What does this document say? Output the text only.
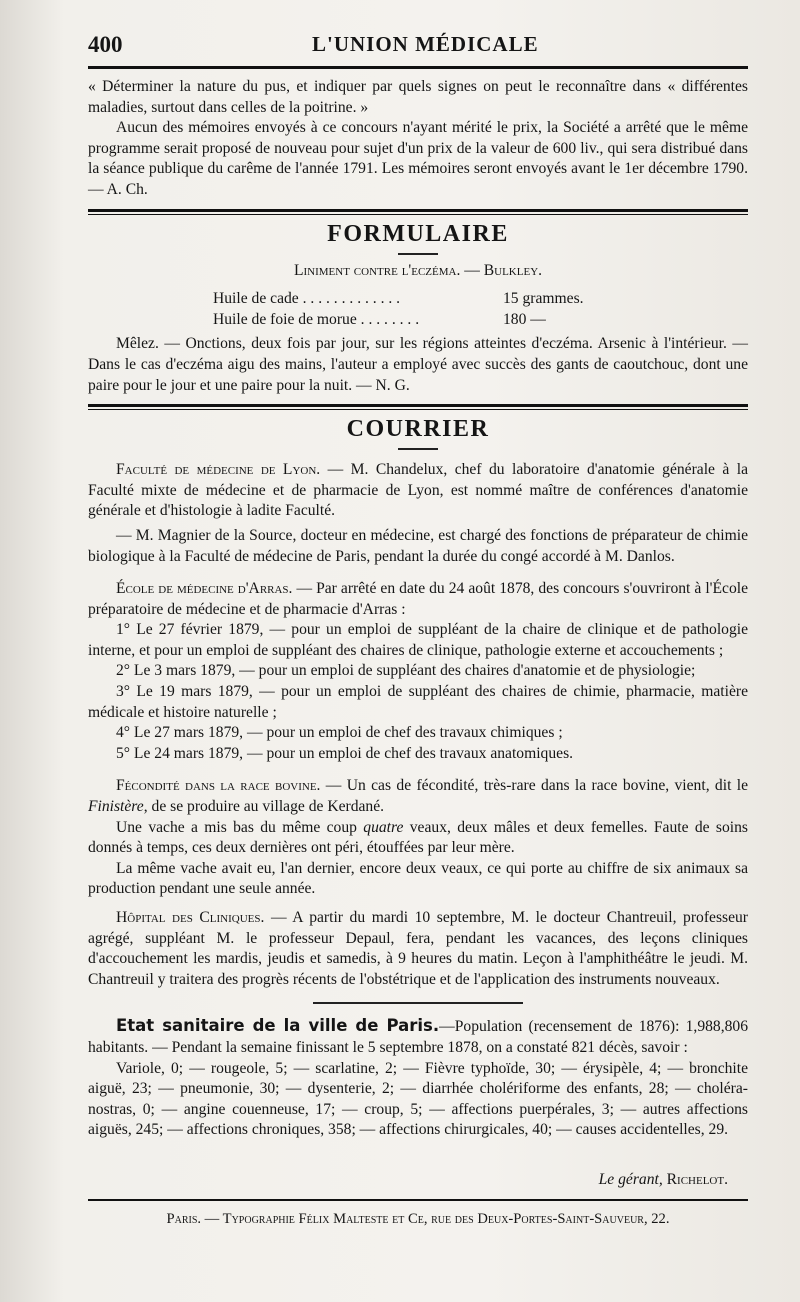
400	L'UNION MÉDICALE

« Déterminer la nature du pus, et indiquer par quels signes on peut le reconnaître dans « différentes maladies, surtout dans celles de la poitrine. »

Aucun des mémoires envoyés à ce concours n'ayant mérité le prix, la Société a arrêté que le même programme serait proposé de nouveau pour sujet d'un prix de la valeur de 600 liv., qui sera distribué dans la séance publique du carême de l'année 1791. Les mémoires seront envoyés avant le 1er décembre 1790. — A. Ch.

FORMULAIRE

Liniment contre l'eczéma. — Bulkley.

Huile de cade . . . . . . . . . . . . .	15 grammes.
Huile de foie de morue . . . . . . . .	180 —

Mêlez. — Onctions, deux fois par jour, sur les régions atteintes d'eczéma. Arsenic à l'intérieur. — Dans le cas d'eczéma aigu des mains, l'auteur a employé avec succès des gants de caoutchouc, dont une paire pour le jour et une paire pour la nuit. — N. G.

COURRIER

Faculté de médecine de Lyon. — M. Chandelux, chef du laboratoire d'anatomie générale à la Faculté mixte de médecine et de pharmacie de Lyon, est nommé maître de conférences d'anatomie générale et d'histologie à ladite Faculté.

— M. Magnier de la Source, docteur en médecine, est chargé des fonctions de préparateur de chimie biologique à la Faculté de médecine de Paris, pendant la durée du congé accordé à M. Danlos.

École de médecine d'Arras. — Par arrêté en date du 24 août 1878, des concours s'ouvriront à l'École préparatoire de médecine et de pharmacie d'Arras :

1° Le 27 février 1879, — pour un emploi de suppléant de la chaire de clinique et de pathologie interne, et pour un emploi de suppléant des chaires de clinique, pathologie externe et accouchements ;

2° Le 3 mars 1879, — pour un emploi de suppléant des chaires d'anatomie et de physiologie;

3° Le 19 mars 1879, — pour un emploi de suppléant des chaires de chimie, pharmacie, matière médicale et histoire naturelle ;

4° Le 27 mars 1879, — pour un emploi de chef des travaux chimiques ;

5° Le 24 mars 1879, — pour un emploi de chef des travaux anatomiques.

Fécondité dans la race bovine. — Un cas de fécondité, très-rare dans la race bovine, vient, dit le Finistère, de se produire au village de Kerdané.

Une vache a mis bas du même coup quatre veaux, deux mâles et deux femelles. Faute de soins donnés à temps, ces deux dernières ont péri, étouffées par leur mère.

La même vache avait eu, l'an dernier, encore deux veaux, ce qui porte au chiffre de six animaux sa production pendant une seule année.

Hôpital des Cliniques. — A partir du mardi 10 septembre, M. le docteur Chantreuil, professeur agrégé, suppléant M. le professeur Depaul, fera, pendant les vacances, des leçons cliniques d'accouchement les mardis, jeudis et samedis, à 9 heures du matin. Leçon à l'amphithéâtre le jeudi. M. Chantreuil y traitera des progrès récents de l'obstétrique et de l'application des instruments nouveaux.

Etat sanitaire de la ville de Paris.—Population (recensement de 1876): 1,988,806 habitants. — Pendant la semaine finissant le 5 septembre 1878, on a constaté 821 décès, savoir :

Variole, 0; — rougeole, 5; — scarlatine, 2; — Fièvre typhoïde, 30; — érysipèle, 4; — bronchite aiguë, 23; — pneumonie, 30; — dysenterie, 2; — diarrhée cholériforme des enfants, 28; — choléra-nostras, 0; — angine couenneuse, 17; — croup, 5; — affections puerpérales, 3; — autres affections aiguës, 245; — affections chroniques, 358; — affections chirurgicales, 40; — causes accidentelles, 29.

Le gérant, Richelot.
Paris. — Typographie Félix Malteste et Ce, rue des Deux-Portes-Saint-Sauveur, 22.
